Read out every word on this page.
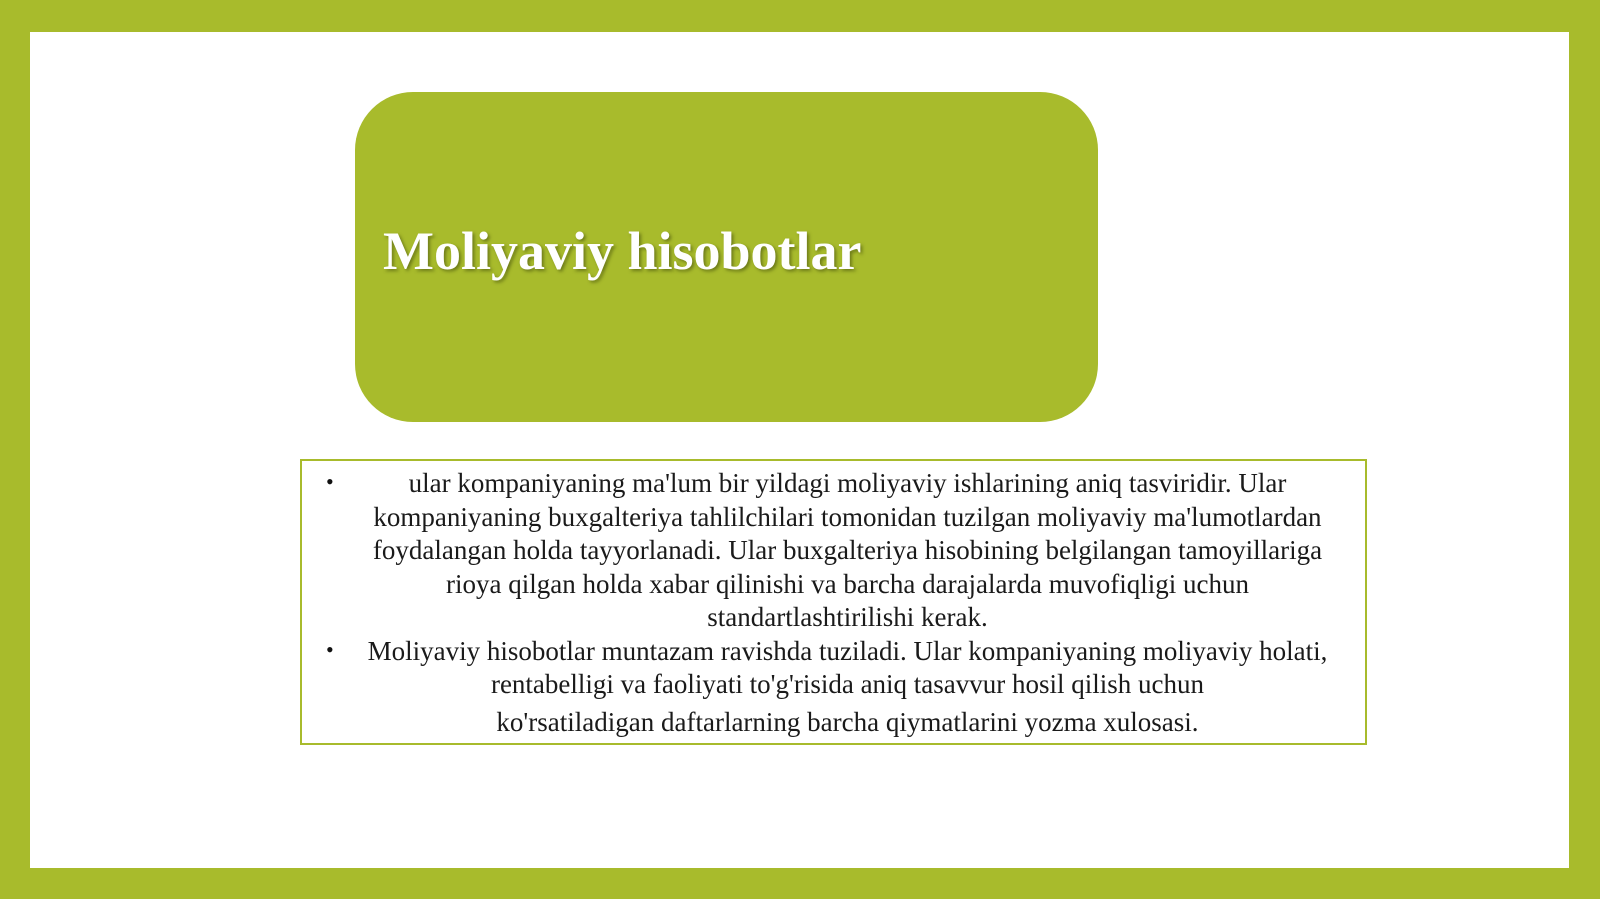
Moliyaviy hisobotlar
•	ular kompaniyaning ma'lum bir yildagi moliyaviy ishlarining aniq tasviridir. Ular kompaniyaning buxgalteriya tahlilchilari tomonidan tuzilgan moliyaviy ma'lumotlardan foydalangan holda tayyorlanadi. Ular buxgalteriya hisobining belgilangan tamoyillariga rioya qilgan holda xabar qilinishi va barcha darajalarda muvofiqligi uchun standartlashtirilishi kerak.
• Moliyaviy hisobotlar muntazam ravishda tuziladi. Ular kompaniyaning moliyaviy holati, rentabelligi va faoliyati to'g'risida aniq tasavvur hosil qilish uchun
ko'rsatiladigan daftarlarning barcha qiymatlarini yozma xulosasi.
